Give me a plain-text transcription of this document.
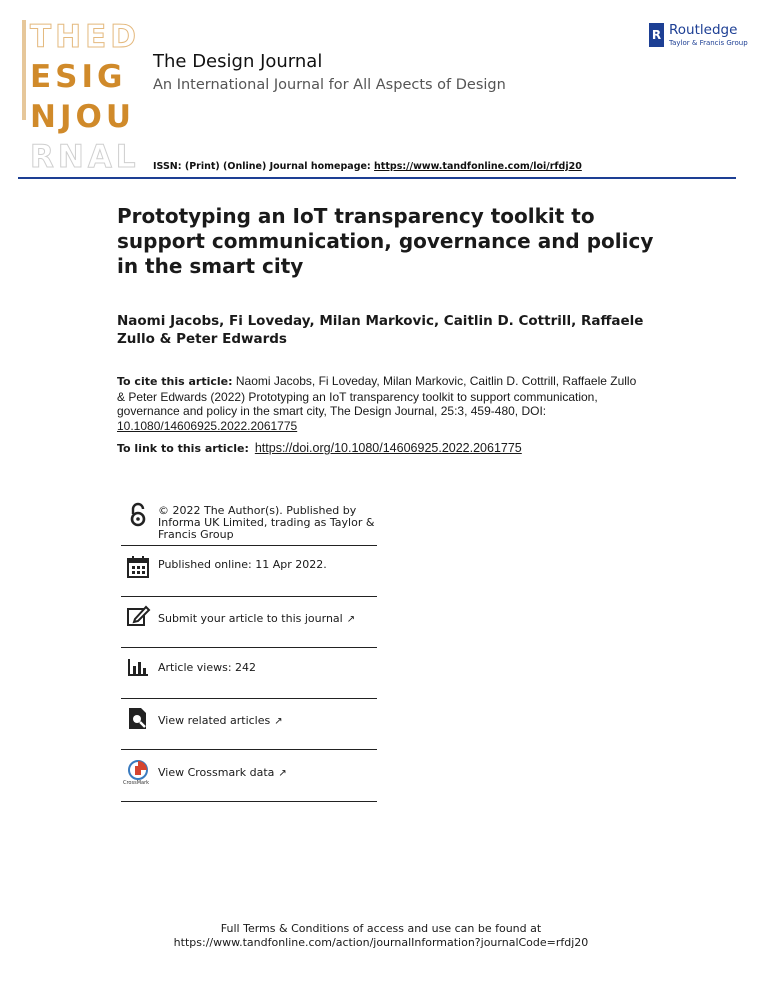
THED
ESIG
NJOU
RNAL
The Design Journal
An International Journal for All Aspects of Design
ISSN: (Print) (Online) Journal homepage: https://www.tandfonline.com/loi/rfdj20
R Routledge
Taylor & Francis Group
Prototyping an IoT transparency toolkit to support communication, governance and policy in the smart city
Naomi Jacobs, Fi Loveday, Milan Markovic, Caitlin D. Cottrill, Raffaele Zullo & Peter Edwards
To cite this article: Naomi Jacobs, Fi Loveday, Milan Markovic, Caitlin D. Cottrill, Raffaele Zullo & Peter Edwards (2022) Prototyping an IoT transparency toolkit to support communication, governance and policy in the smart city, The Design Journal, 25:3, 459-480, DOI: 10.1080/14606925.2022.2061775
To link to this article: https://doi.org/10.1080/14606925.2022.2061775
© 2022 The Author(s). Published by Informa UK Limited, trading as Taylor & Francis Group
Published online: 11 Apr 2022.
Submit your article to this journal ↗
Article views: 242
View related articles ↗
CrossMark
View Crossmark data ↗
Full Terms & Conditions of access and use can be found at
https://www.tandfonline.com/action/journalInformation?journalCode=rfdj20
